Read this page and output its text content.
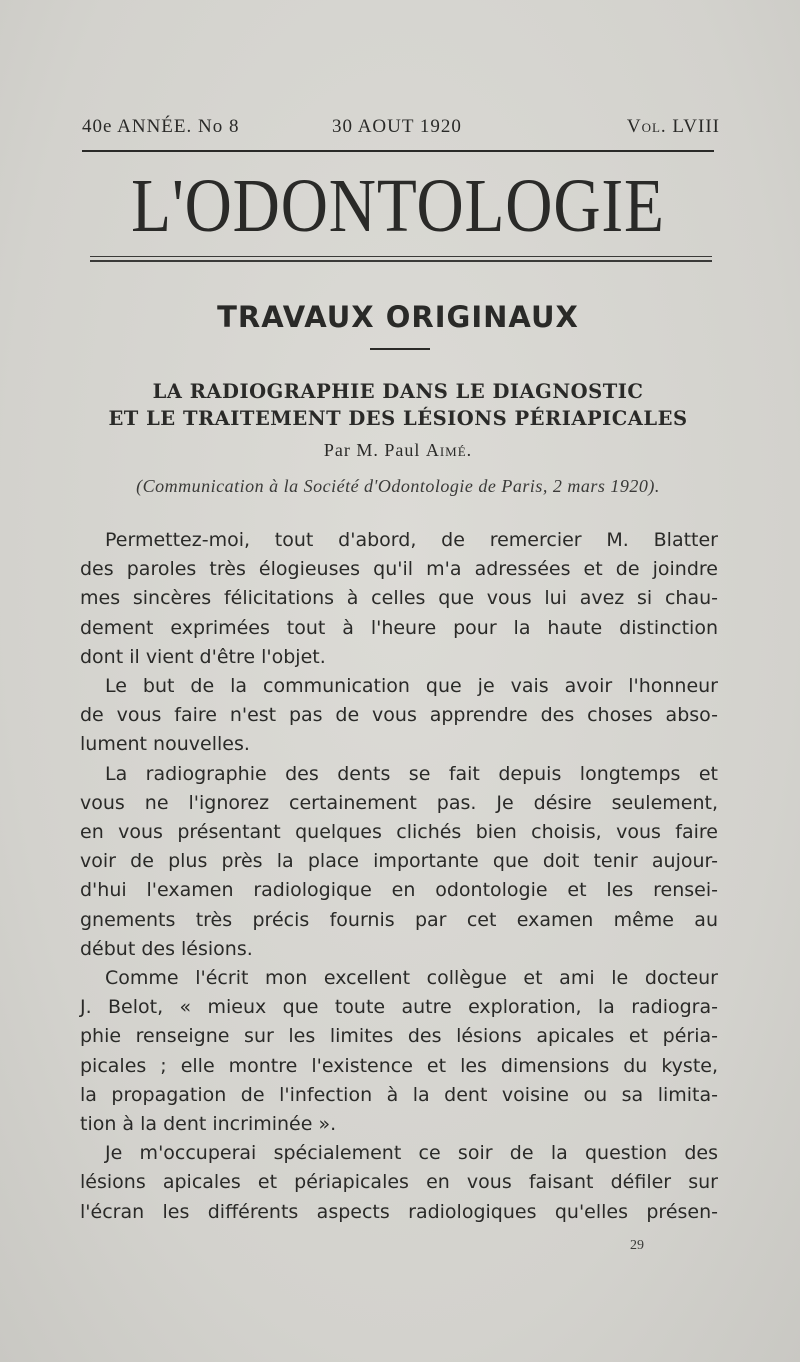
40e ANNÉE. No 8	30 AOUT 1920	Vol. LVIII
L'ODONTOLOGIE
TRAVAUX ORIGINAUX
LA RADIOGRAPHIE DANS LE DIAGNOSTIC
ET LE TRAITEMENT DES LÉSIONS PÉRIAPICALES
Par M. Paul Aimé.
(Communication à la Société d'Odontologie de Paris, 2 mars 1920).
Permettez-moi, tout d'abord, de remercier M. Blatter
des paroles très élogieuses qu'il m'a adressées et de joindre
mes sincères félicitations à celles que vous lui avez si chau-
dement exprimées tout à l'heure pour la haute distinction
dont il vient d'être l'objet.
Le but de la communication que je vais avoir l'honneur
de vous faire n'est pas de vous apprendre des choses abso-
lument nouvelles.
La radiographie des dents se fait depuis longtemps et
vous ne l'ignorez certainement pas. Je désire seulement,
en vous présentant quelques clichés bien choisis, vous faire
voir de plus près la place importante que doit tenir aujour-
d'hui l'examen radiologique en odontologie et les rensei-
gnements très précis fournis par cet examen même au
début des lésions.
Comme l'écrit mon excellent collègue et ami le docteur
J. Belot, « mieux que toute autre exploration, la radiogra-
phie renseigne sur les limites des lésions apicales et péria-
picales ; elle montre l'existence et les dimensions du kyste,
la propagation de l'infection à la dent voisine ou sa limita-
tion à la dent incriminée ».
Je m'occuperai spécialement ce soir de la question des
lésions apicales et périapicales en vous faisant défiler sur
l'écran les différents aspects radiologiques qu'elles présen-
29
